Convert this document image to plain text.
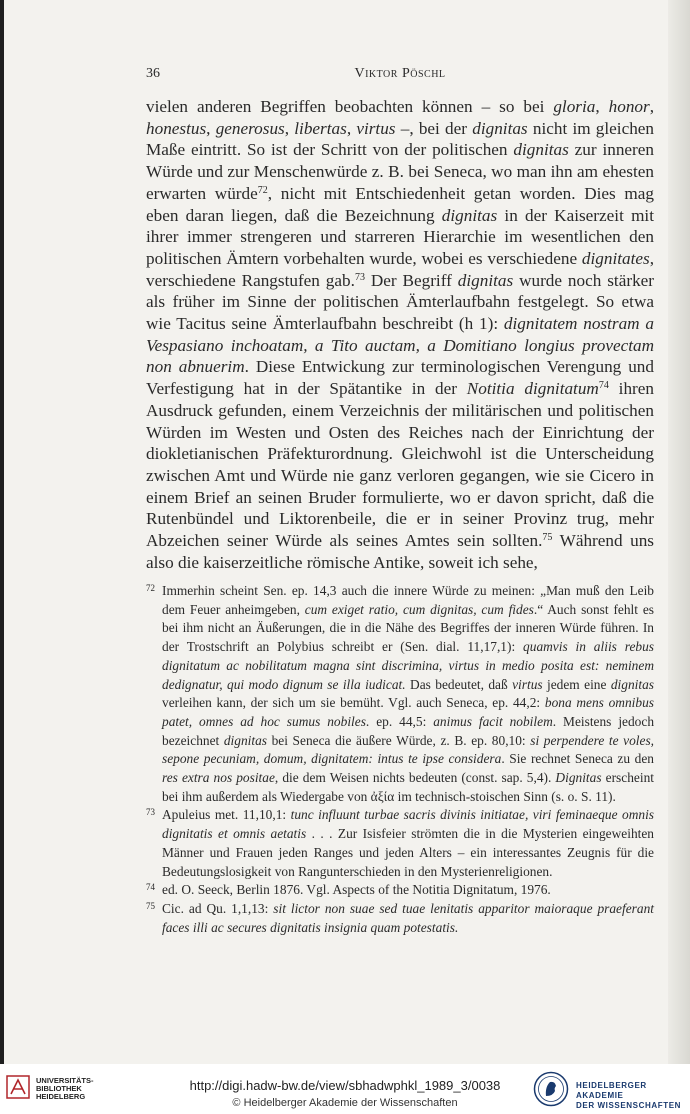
36	Viktor Pöschl

vielen anderen Begriffen beobachten können – so bei gloria, honor, honestus, generosus, libertas, virtus –, bei der dignitas nicht im gleichen Maße eintritt. So ist der Schritt von der politischen dignitas zur inneren Würde und zur Menschenwürde z. B. bei Seneca, wo man ihn am ehesten erwarten würde$^{72}$, nicht mit Entschiedenheit getan worden. Dies mag eben daran liegen, daß die Bezeichnung dignitas in der Kaiserzeit mit ihrer immer strengeren und starreren Hierarchie im wesentlichen den politischen Ämtern vorbehalten wurde, wobei es verschiedene dignitates, verschiedene Rangstufen gab.$^{73}$ Der Begriff dignitas wurde noch stärker als früher im Sinne der politischen Ämterlaufbahn festgelegt. So etwa wie Tacitus seine Ämterlaufbahn beschreibt (h 1): dignitatem nostram a Vespasiano inchoatam, a Tito auctam, a Domitiano longius provectam non abnuerim. Diese Entwickung zur terminologischen Verengung und Verfestigung hat in der Spätantike in der Notitia dignitatum$^{74}$ ihren Ausdruck gefunden, einem Verzeichnis der militärischen und politischen Würden im Westen und Osten des Reiches nach der Einrichtung der diokletianischen Präfekturordnung. Gleichwohl ist die Unterscheidung zwischen Amt und Würde nie ganz verloren gegangen, wie sie Cicero in einem Brief an seinen Bruder formulierte, wo er davon spricht, daß die Rutenbündel und Liktorenbeile, die er in seiner Provinz trug, mehr Abzeichen seiner Würde als seines Amtes sein sollten.$^{75}$ Während uns also die kaiserzeitliche römische Antike, soweit ich sehe,

72 Immerhin scheint Sen. ep. 14,3 auch die innere Würde zu meinen: „Man muß den Leib dem Feuer anheimgeben, cum exiget ratio, cum dignitas, cum fides.“ Auch sonst fehlt es bei ihm nicht an Äußerungen, die in die Nähe des Begriffes der inneren Würde führen. In der Trostschrift an Polybius schreibt er (Sen. dial. 11,17,1): quamvis in aliis rebus dignitatum ac nobilitatum magna sint discrimina, virtus in medio posita est: neminem dedignatur, qui modo dignum se illa iudicat. Das bedeutet, daß virtus jedem eine dignitas verleihen kann, der sich um sie bemüht. Vgl. auch Seneca, ep. 44,2: bona mens omnibus patet, omnes ad hoc sumus nobiles. ep. 44,5: animus facit nobilem. Meistens jedoch bezeichnet dignitas bei Seneca die äußere Würde, z. B. ep. 80,10: si perpendere te voles, sepone pecuniam, domum, dignitatem: intus te ipse considera. Sie rechnet Seneca zu den res extra nos positae, die dem Weisen nichts bedeuten (const. sap. 5,4). Dignitas erscheint bei ihm außerdem als Wiedergabe von ἀξία im technisch-stoischen Sinn (s. o. S. 11).

73 Apuleius met. 11,10,1: tunc influunt turbae sacris divinis initiatae, viri feminaeque omnis dignitatis et omnis aetatis . . . Zur Isisfeier strömten die in die Mysterien eingeweihten Männer und Frauen jeden Ranges und jeden Alters – ein interessantes Zeugnis für die Bedeutungslosigkeit von Rangunterschieden in den Mysterienreligionen.

74 ed. O. Seeck, Berlin 1876. Vgl. Aspects of the Notitia Dignitatum, 1976.

75 Cic. ad Qu. 1,1,13: sit lictor non suae sed tuae lenitatis apparitor maioraque praeferant faces illi ac secures dignitatis insignia quam potestatis.

UNIVERSITÄTS-
BIBLIOTHEK
HEIDELBERG
http://digi.hadw-bw.de/view/sbhadwphkl_1989_3/0038
© Heidelberger Akademie der Wissenschaften
HEIDELBERGER AKADEMIE
DER WISSENSCHAFTEN
